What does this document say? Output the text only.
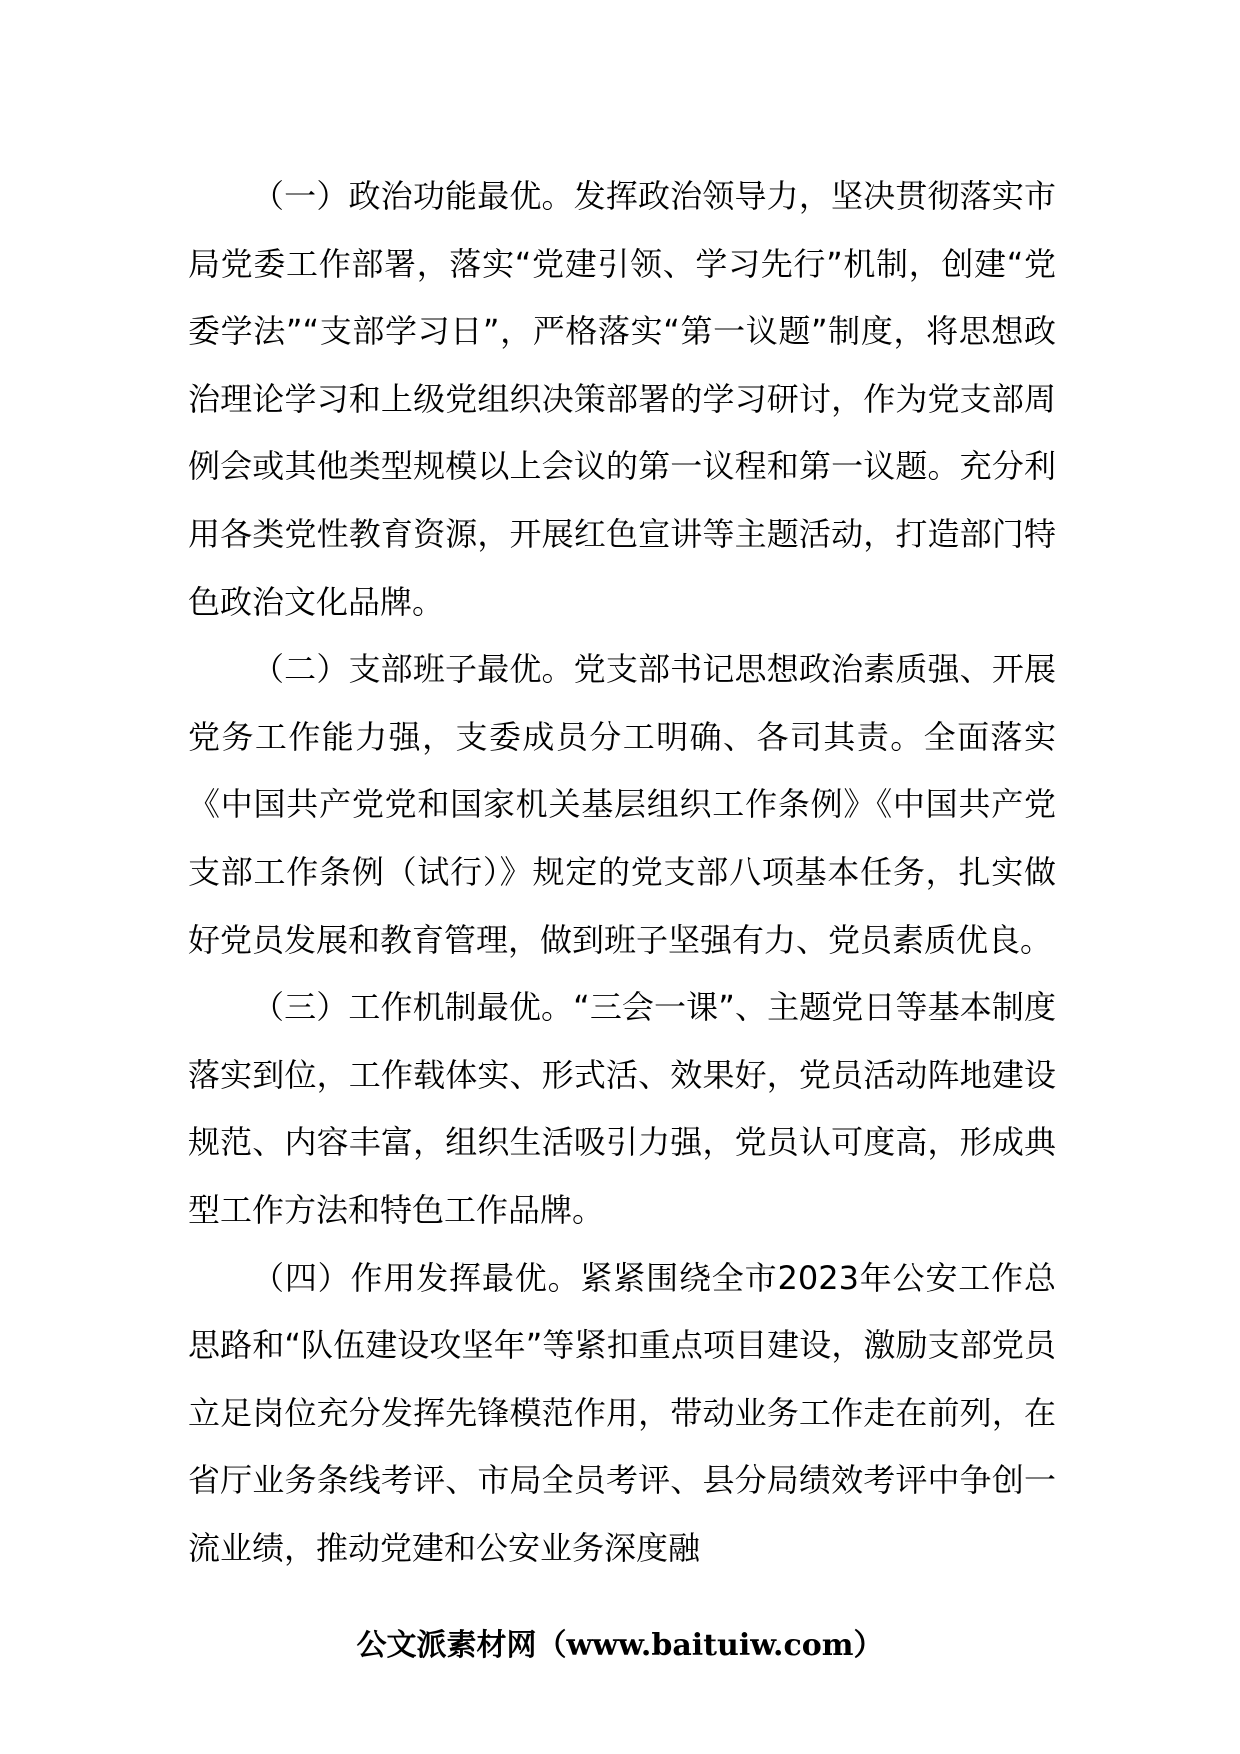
（一）政治功能最优。发挥政治领导力，坚决贯彻落实市局党委工作部署，落实“党建引领、学习先行”机制，创建“党委学法”“支部学习日”，严格落实“第一议题”制度，将思想政治理论学习和上级党组织决策部署的学习研讨，作为党支部周例会或其他类型规模以上会议的第一议程和第一议题。充分利用各类党性教育资源，开展红色宣讲等主题活动，打造部门特色政治文化品牌。

（二）支部班子最优。党支部书记思想政治素质强、开展党务工作能力强，支委成员分工明确、各司其责。全面落实《中国共产党党和国家机关基层组织工作条例》《中国共产党支部工作条例（试行）》规定的党支部八项基本任务，扎实做好党员发展和教育管理，做到班子坚强有力、党员素质优良。

（三）工作机制最优。“三会一课”、主题党日等基本制度落实到位，工作载体实、形式活、效果好，党员活动阵地建设规范、内容丰富，组织生活吸引力强，党员认可度高，形成典型工作方法和特色工作品牌。

（四）作用发挥最优。紧紧围绕全市2023年公安工作总思路和“队伍建设攻坚年”等紧扣重点项目建设，激励支部党员立足岗位充分发挥先锋模范作用，带动业务工作走在前列，在省厅业务条线考评、市局全员考评、县分局绩效考评中争创一流业绩，推动党建和公安业务深度融

公文派素材网（www.baituiw.com）
